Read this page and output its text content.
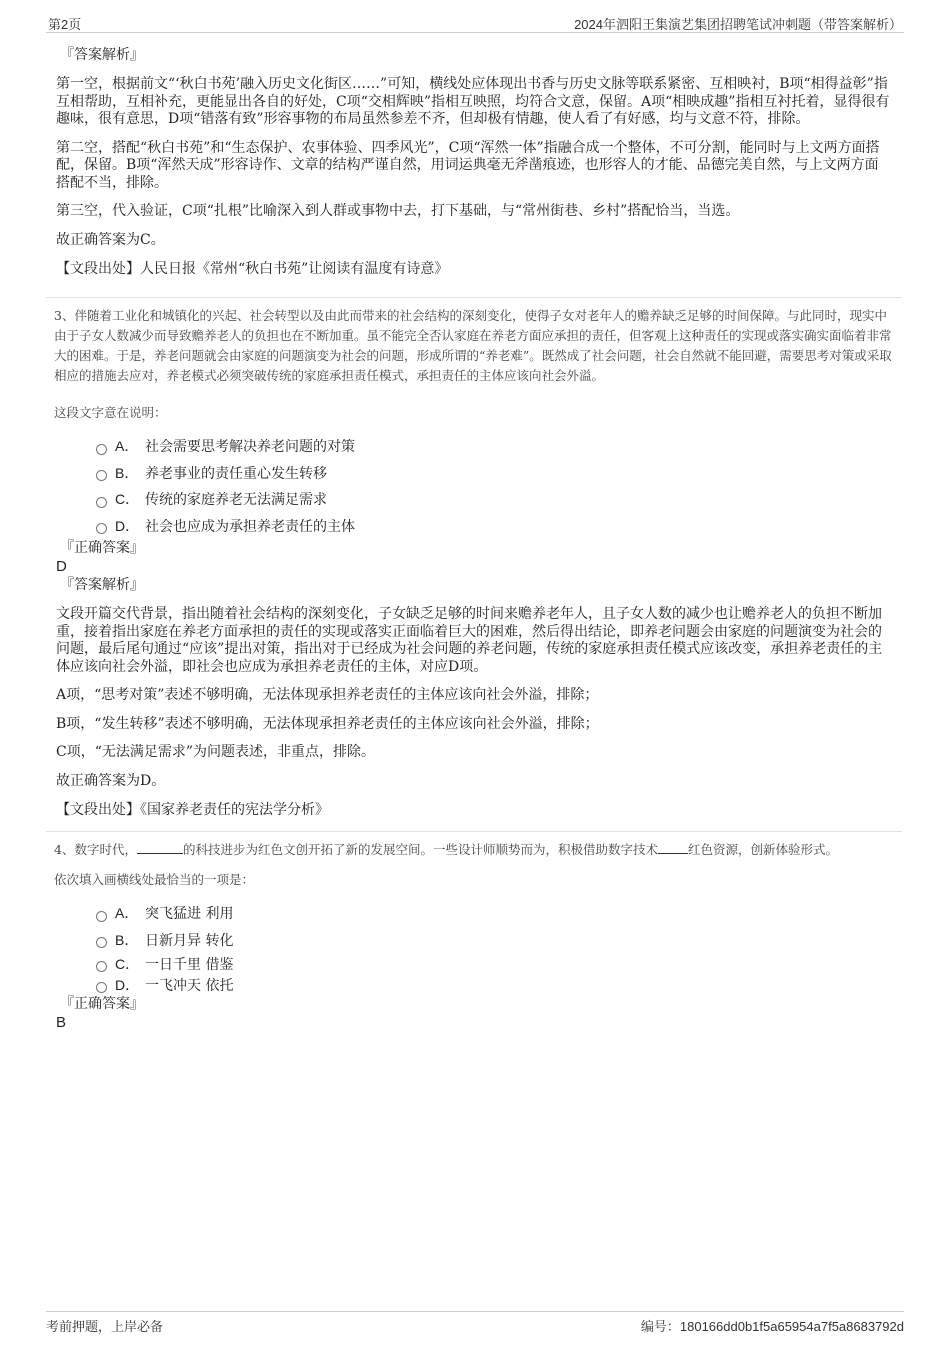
第2页	2024年泗阳王集演艺集团招聘笔试冲刺题（带答案解析）
『答案解析』

第一空，根据前文“‘秋白书苑’融入历史文化街区……”可知，横线处应体现出书香与历史文脉等联系紧密、互相映衬，B项“相得益彰”指互相帮助，互相补充，更能显出各自的好处，C项“交相辉映”指相互映照，均符合文意，保留。A项“相映成趣”指相互衬托着，显得很有趣味，很有意思，D项“错落有致”形容事物的布局虽然参差不齐，但却极有情趣，使人看了有好感，均与文意不符，排除。

第二空，搭配“秋白书苑”和“生态保护、农事体验、四季风光”，C项“浑然一体”指融合成一个整体，不可分割，能同时与上文两方面搭配，保留。B项“浑然天成”形容诗作、文章的结构严谨自然，用词运典毫无斧凿痕迹，也形容人的才能、品德完美自然，与上文两方面搭配不当，排除。

第三空，代入验证，C项“扎根”比喻深入到人群或事物中去，打下基础，与“常州街巷、乡村”搭配恰当，当选。

故正确答案为C。

【文段出处】人民日报《常州“秋白书苑”让阅读有温度有诗意》
3、伴随着工业化和城镇化的兴起、社会转型以及由此而带来的社会结构的深刻变化，使得子女对老年人的赡养缺乏足够的时间保障。与此同时，现实中由于子女人数减少而导致赡养老人的负担也在不断加重。虽不能完全否认家庭在养老方面应承担的责任，但客观上这种责任的实现或落实确实面临着非常大的困难。于是，养老问题就会由家庭的问题演变为社会的问题，形成所谓的“养老难”。既然成了社会问题，社会自然就不能回避，需要思考对策或采取相应的措施去应对，养老模式必须突破传统的家庭承担责任模式，承担责任的主体应该向社会外溢。
这段文字意在说明：
A． 社会需要思考解决养老问题的对策
B． 养老事业的责任重心发生转移
C． 传统的家庭养老无法满足需求
D． 社会也应成为承担养老责任的主体
『正确答案』
D
『答案解析』

文段开篇交代背景，指出随着社会结构的深刻变化，子女缺乏足够的时间来赡养老年人，且子女人数的减少也让赡养老人的负担不断加重，接着指出家庭在养老方面承担的责任的实现或落实正面临着巨大的困难，然后得出结论，即养老问题会由家庭的问题演变为社会的问题，最后尾句通过“应该”提出对策，指出对于已经成为社会问题的养老问题，传统的家庭承担责任模式应该改变，承担养老责任的主体应该向社会外溢，即社会也应成为承担养老责任的主体，对应D项。

A项，“思考对策”表述不够明确，无法体现承担养老责任的主体应该向社会外溢，排除；

B项，“发生转移”表述不够明确，无法体现承担养老责任的主体应该向社会外溢，排除；

C项，“无法满足需求”为问题表述，非重点，排除。

故正确答案为D。

【文段出处】《国家养老责任的宪法学分析》
4、数字时代，	的科技进步为红色文创开拓了新的发展空间。一些设计师顺势而为，积极借助数字技术 红色资源，创新体验形式。
依次填入画横线处最恰当的一项是：
A． 突飞猛进 利用
B． 日新月异 转化
C． 一日千里 借鉴
D． 一飞冲天 依托
『正确答案』
B
考前押题，上岸必备	编号：180166dd0b1f5a65954a7f5a8683792d
